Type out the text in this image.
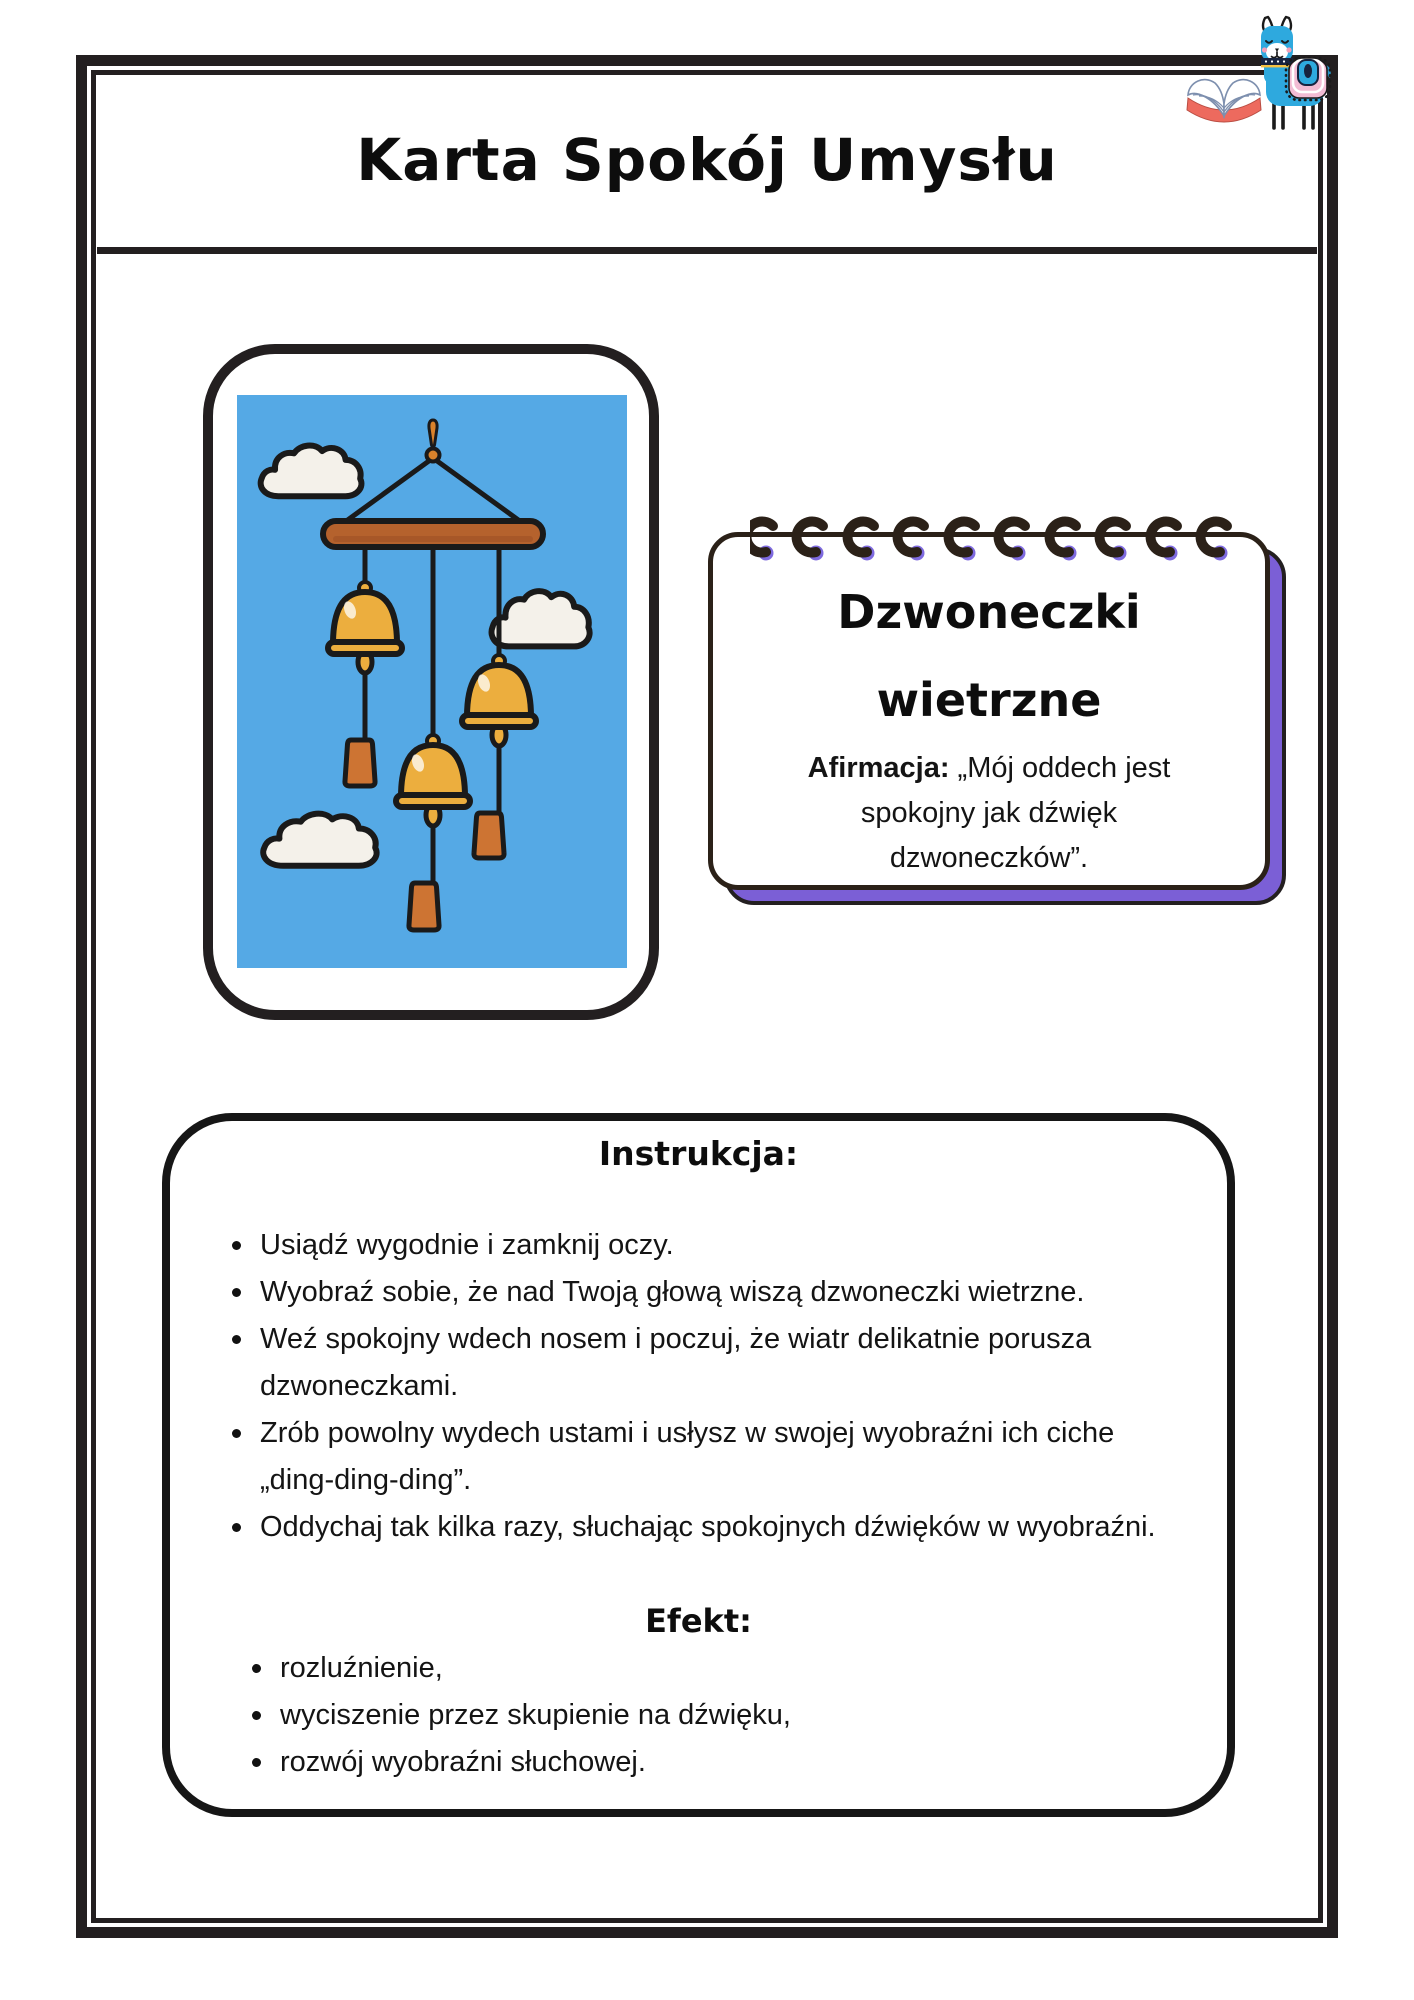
Karta Spokój Umysłu
Dzwoneczki
wietrzne
Afirmacja: „Mój oddech jest spokojny jak dźwięk dzwoneczków”.
Instrukcja:
Usiądź wygodnie i zamknij oczy.
Wyobraź sobie, że nad Twoją głową wiszą dzwoneczki wietrzne.
Weź spokojny wdech nosem i poczuj, że wiatr delikatnie porusza dzwoneczkami.
Zrób powolny wydech ustami i usłysz w swojej wyobraźni ich ciche „ding-ding-ding”.
Oddychaj tak kilka razy, słuchając spokojnych dźwięków w wyobraźni.
Efekt:
rozluźnienie,
wyciszenie przez skupienie na dźwięku,
rozwój wyobraźni słuchowej.
